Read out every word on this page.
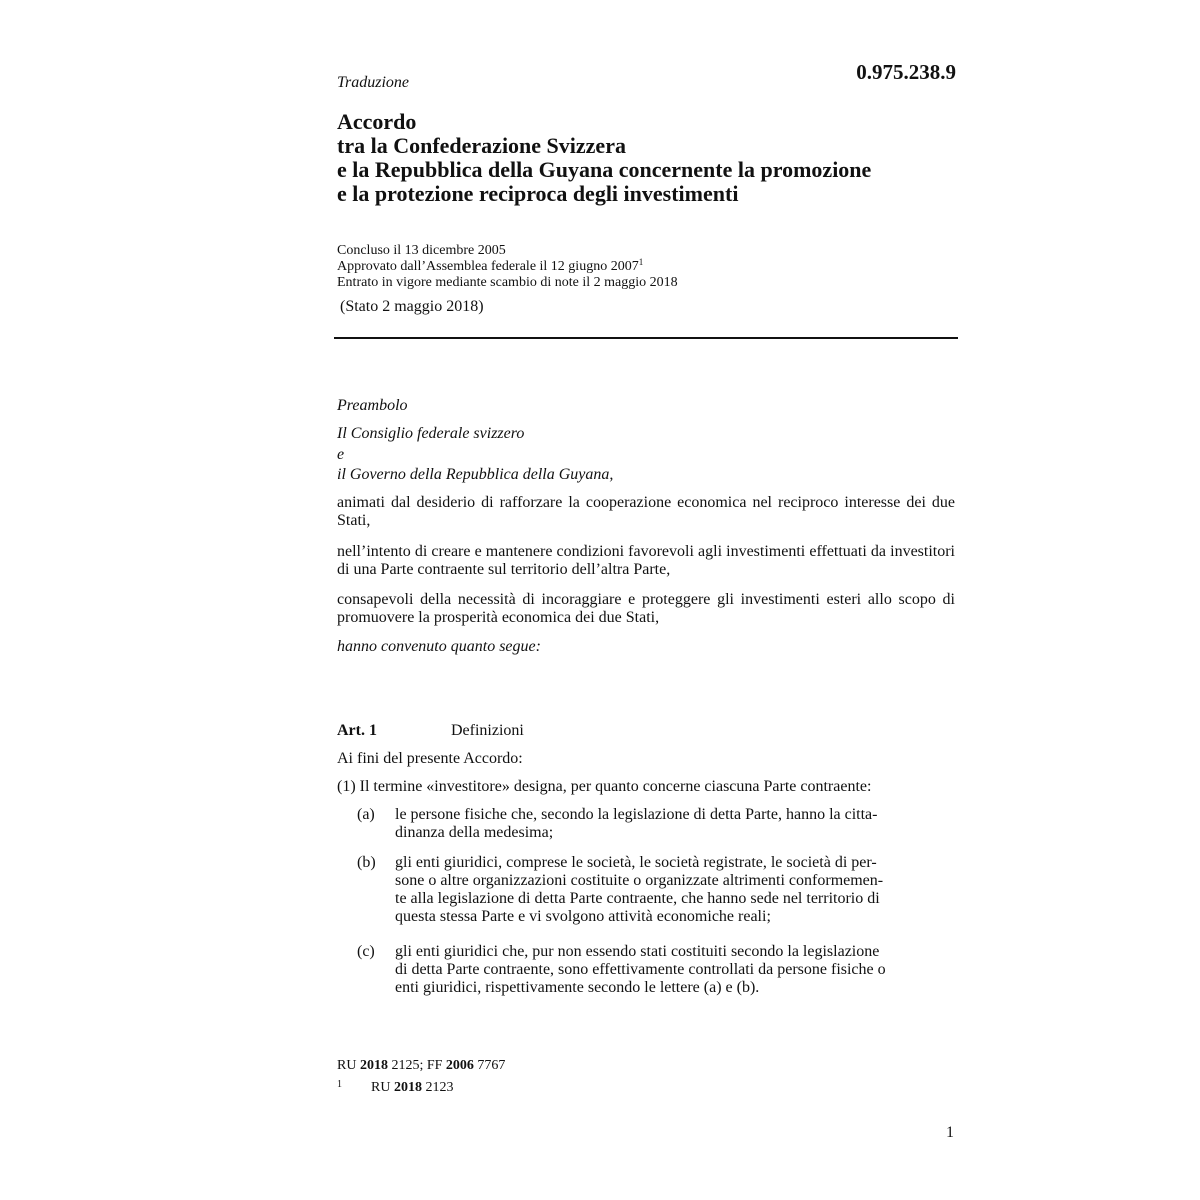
Traduzione	0.975.238.9
Accordo
tra la Confederazione Svizzera
e la Repubblica della Guyana concernente la promozione
e la protezione reciproca degli investimenti
Concluso il 13 dicembre 2005
Approvato dall’Assemblea federale il 12 giugno 2007$^1$
Entrato in vigore mediante scambio di note il 2 maggio 2018
(Stato 2 maggio 2018)
Preambolo
Il Consiglio federale svizzero
e
il Governo della Repubblica della Guyana,
animati dal desiderio di rafforzare la cooperazione economica nel reciproco interesse dei due Stati,
nell’intento di creare e mantenere condizioni favorevoli agli investimenti effettuati da investitori di una Parte contraente sul territorio dell’altra Parte,
consapevoli della necessità di incoraggiare e proteggere gli investimenti esteri allo scopo di promuovere la prosperità economica dei due Stati,
hanno convenuto quanto segue:
Art. 1	Definizioni
Ai fini del presente Accordo:
(1) Il termine «investitore» designa, per quanto concerne ciascuna Parte contraente:
(a) le persone fisiche che, secondo la legislazione di detta Parte, hanno la citta-
dinanza della medesima;
(b) gli enti giuridici, comprese le società, le società registrate, le società di per-
sone o altre organizzazioni costituite o organizzate altrimenti conformemen-
te alla legislazione di detta Parte contraente, che hanno sede nel territorio di
questa stessa Parte e vi svolgono attività economiche reali;
(c) gli enti giuridici che, pur non essendo stati costituiti secondo la legislazione
di detta Parte contraente, sono effettivamente controllati da persone fisiche o
enti giuridici, rispettivamente secondo le lettere (a) e (b).
RU 2018 2125; FF 2006 7767
1 RU 2018 2123
1
